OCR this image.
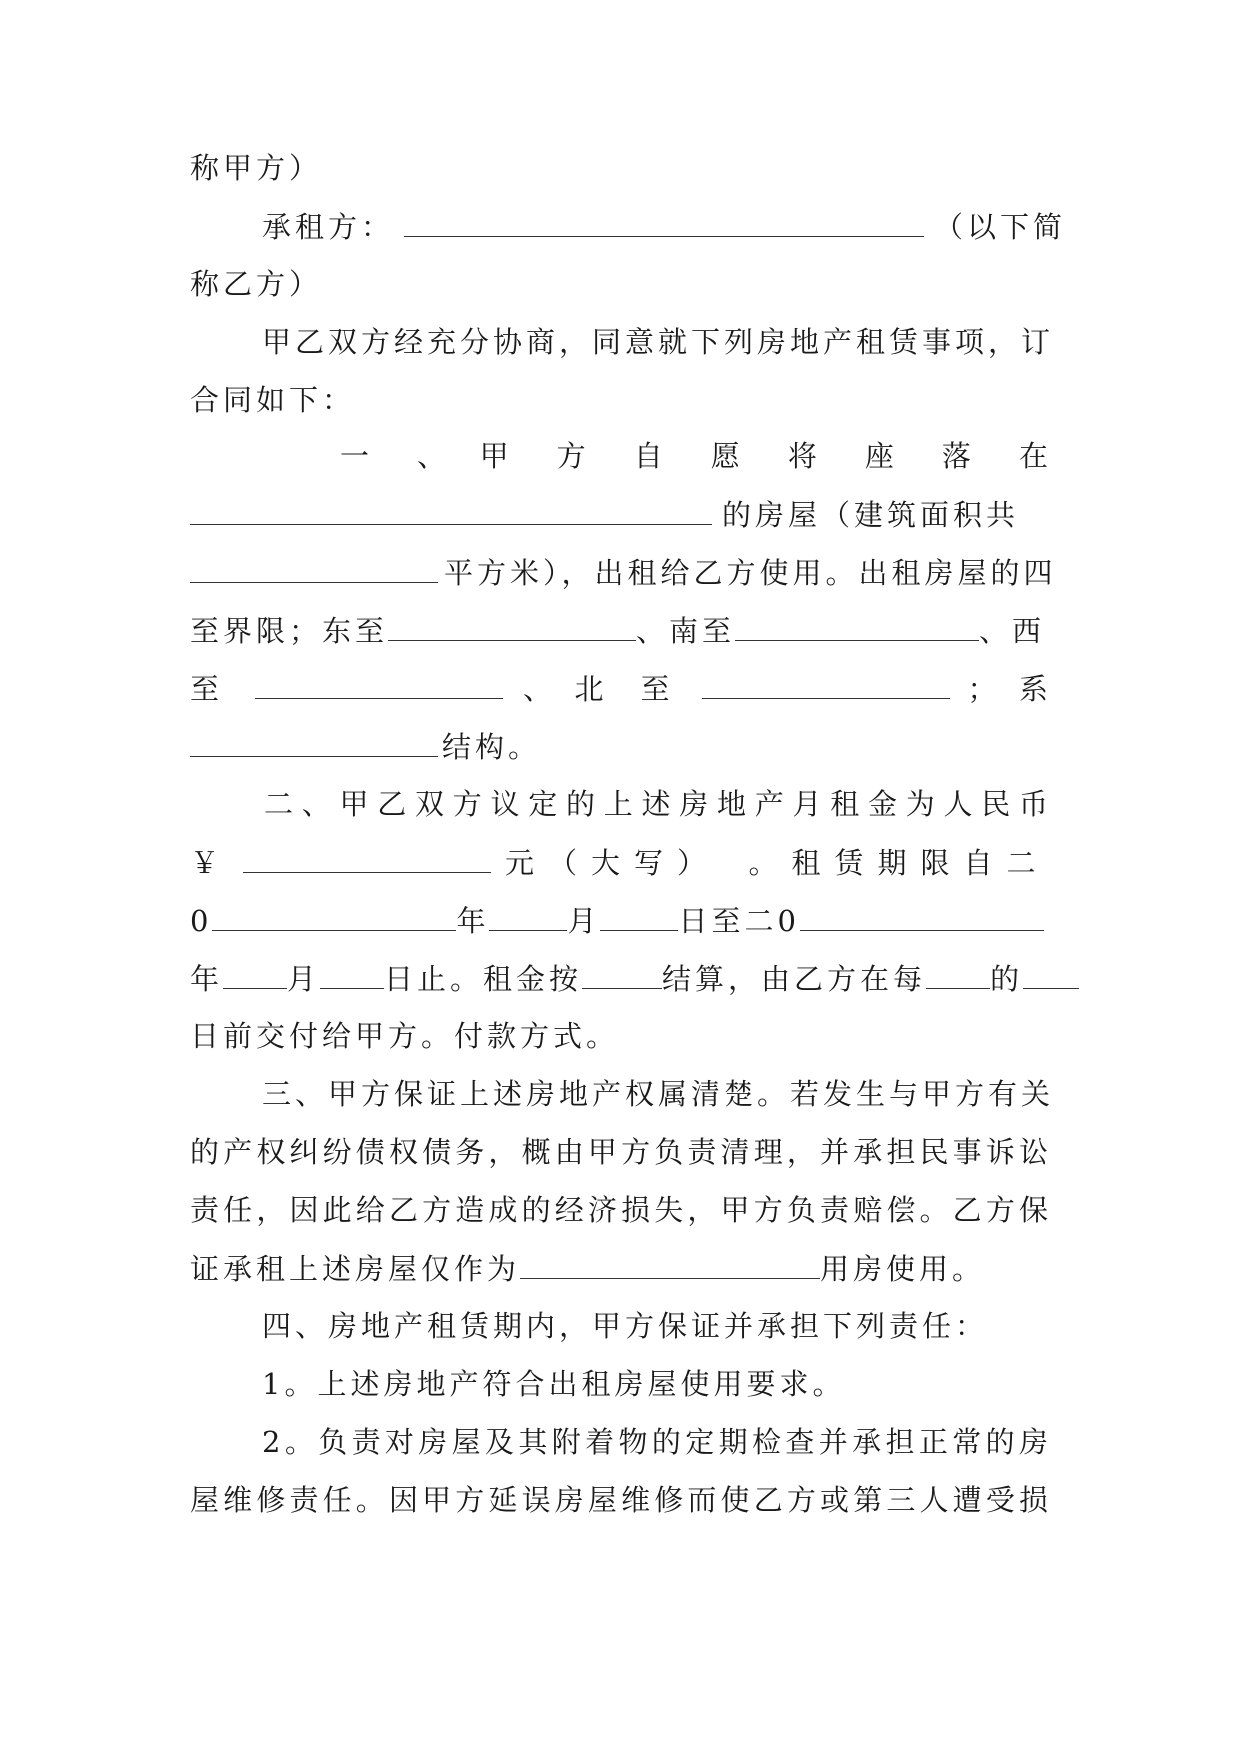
称甲方）
承租方：	（以下简
称乙方）
甲乙双方经充分协商，同意就下列房地产租赁事项，订
合同如下：
一　、　甲　方　自　愿　将　座　落　在
的房屋（建筑面积共
平方米），出租给乙方使用。出租房屋的四
至界限；东至	、南至	、西
至	、　北　至	；　系
结构。
二、甲乙双方议定的上述房地产月租金为人民币
￥	元（大写）　。租赁期限自二
0	年	月	日至二0
年 月 日止。租金按	结算，由乙方在每 的
日前交付给甲方。付款方式。
三、甲方保证上述房地产权属清楚。若发生与甲方有关
的产权纠纷债权债务，概由甲方负责清理，并承担民事诉讼
责任，因此给乙方造成的经济损失，甲方负责赔偿。乙方保
证承租上述房屋仅作为	用房使用。
四、房地产租赁期内，甲方保证并承担下列责任：
1。上述房地产符合出租房屋使用要求。
2。负责对房屋及其附着物的定期检查并承担正常的房
屋维修责任。因甲方延误房屋维修而使乙方或第三人遭受损
